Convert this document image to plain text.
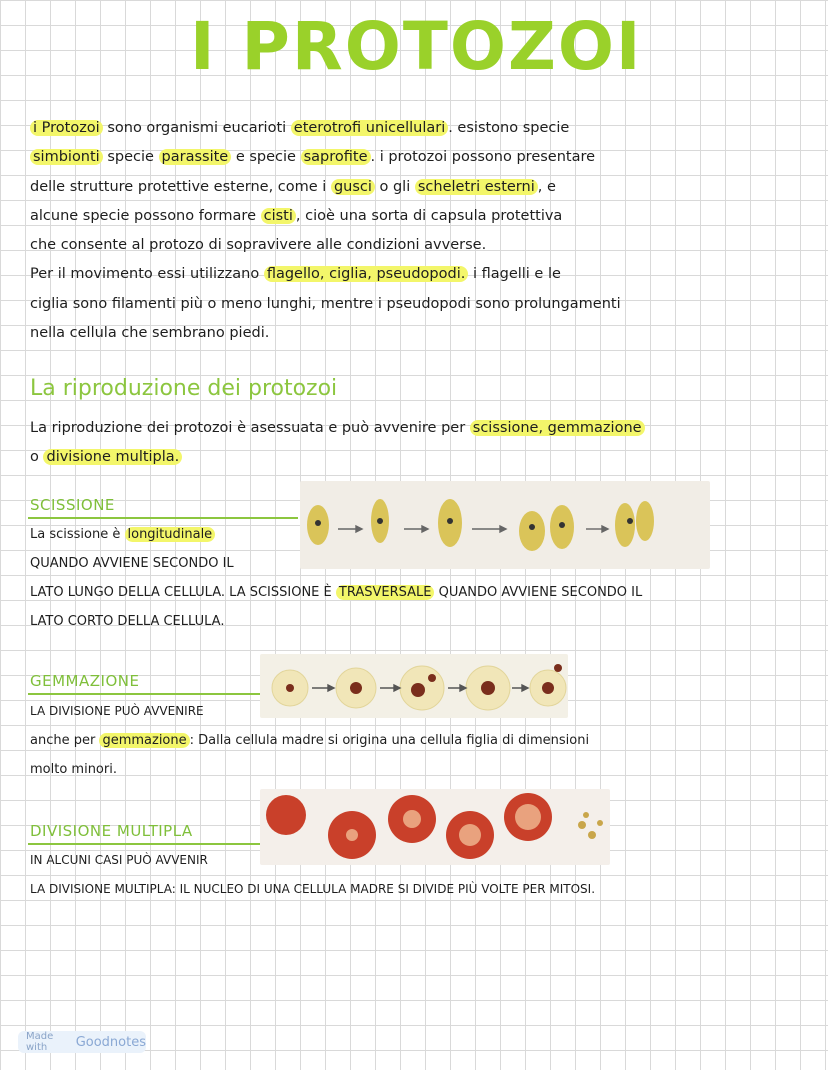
I PROTOZOI
i Protozoi sono organismi eucarioti eterotrofi unicellulari . esistono specie
simbionti specie parassite e specie saprofite . i protozoi possono presentare
delle strutture protettive esterne, come i gusci o gli scheletri esterni , e
alcune specie possono formare cisti , cioè una sorta di capsula protettiva
che consente al protozo di sopravivere alle condizioni avverse.
Per il movimento essi utilizzano flagello, ciglia, pseudopodi. i flagelli e le
ciglia sono filamenti più o meno lunghi, mentre i pseudopodi sono prolungamenti
nella cellula che sembrano piedi.
La riproduzione dei protozoi
La riproduzione dei protozoi è asessuata e può avvenire per scissione, gemmazione
o divisione multipla.
SCISSIONE
La scissione è longitudinale
QUANDO AVVIENE SECONDO IL
LATO LUNGO DELLA CELLULA. LA SCISSIONE È TRASVERSALE QUANDO AVVIENE SECONDO IL
LATO CORTO DELLA CELLULA.
GEMMAZIONE
LA DIVISIONE PUÒ AVVENIRE
anche per gemmazione : Dalla cellula madre si origina una cellula figlia di dimensioni
molto minori.
DIVISIONE MULTIPLA
IN ALCUNI CASI PUÒ AVVENIR
LA DIVISIONE MULTIPLA: IL NUCLEO DI UNA CELLULA MADRE SI DIVIDE PIÙ VOLTE PER MITOSI.
Made with	Goodnotes
